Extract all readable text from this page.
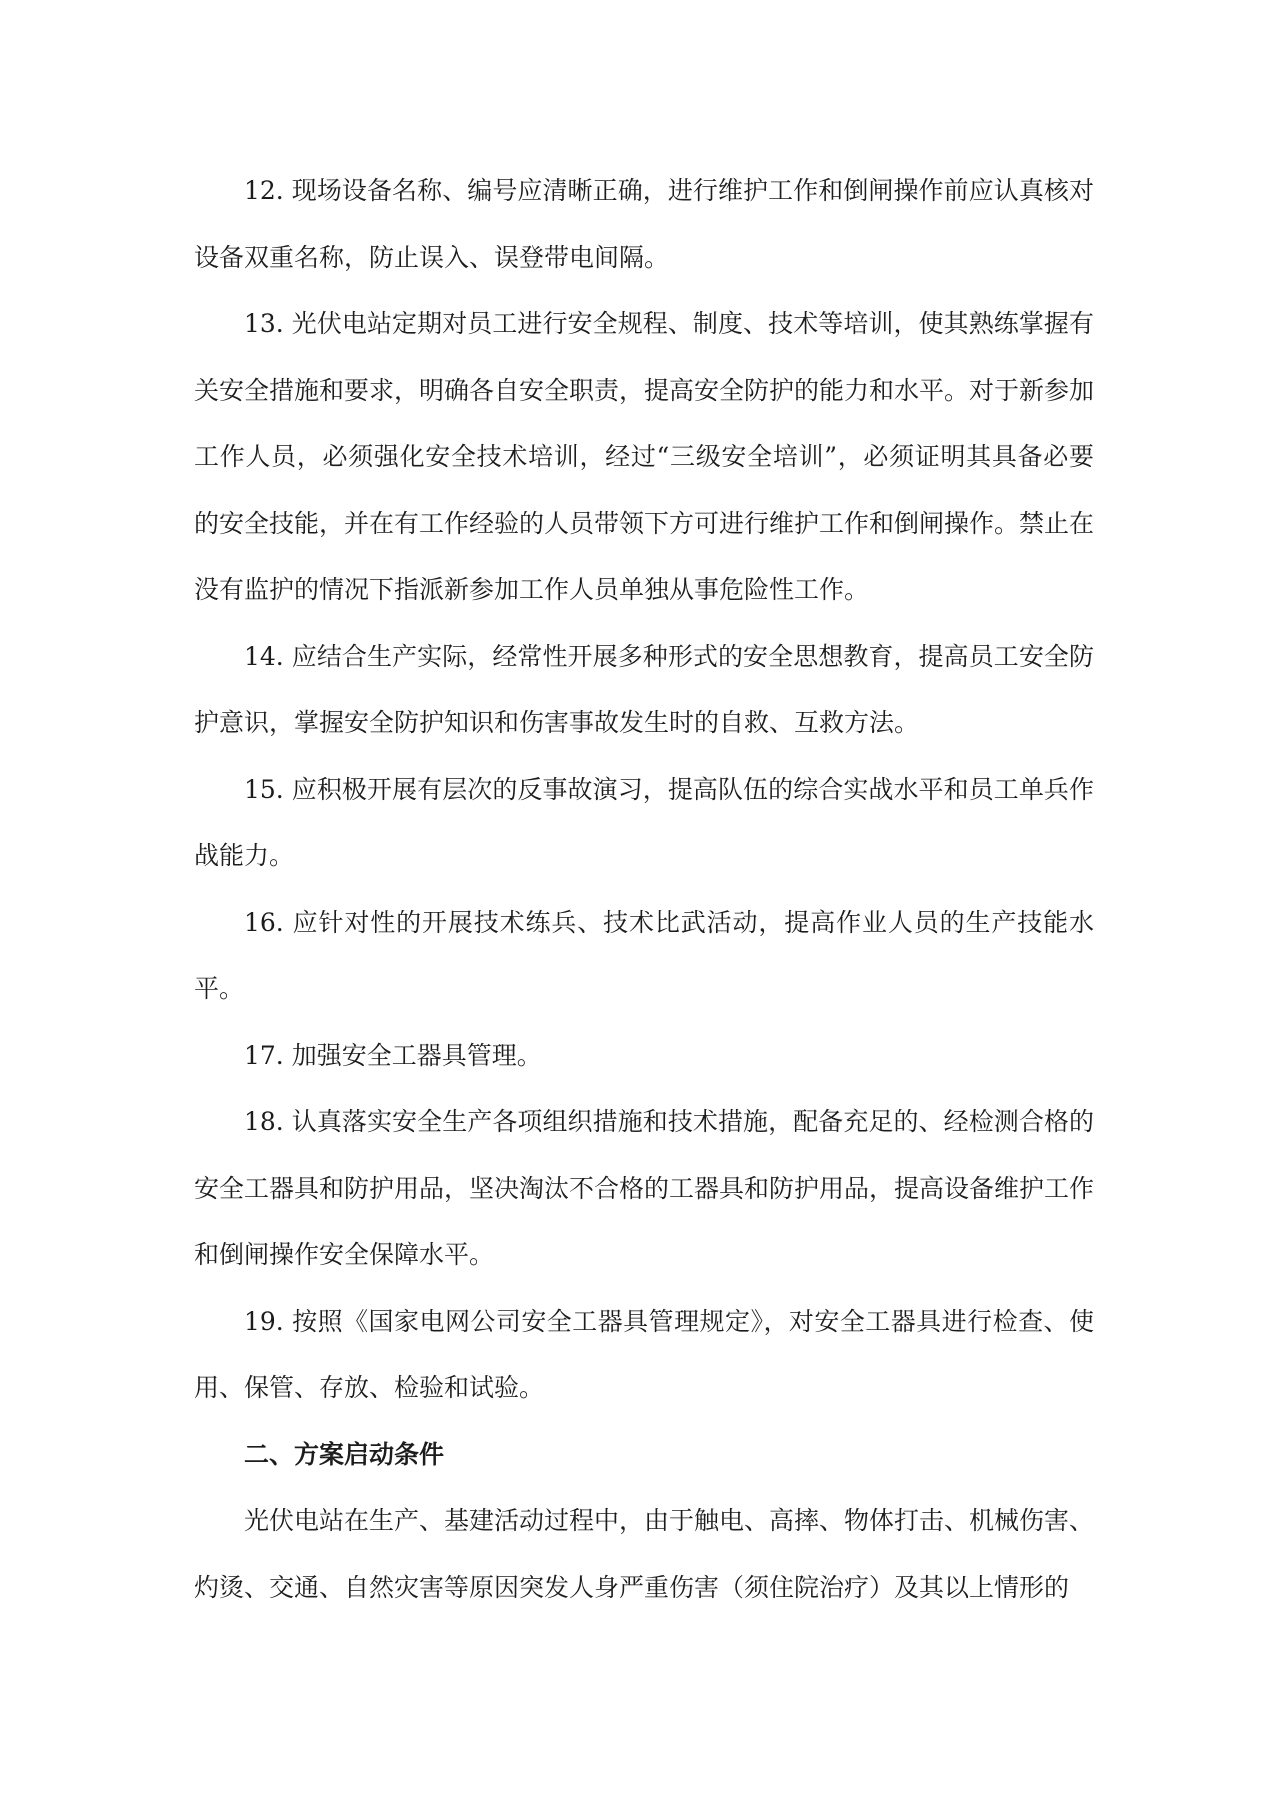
12. 现场设备名称、编号应清晰正确，进行维护工作和倒闸操作前应认真核对设备双重名称，防止误入、误登带电间隔。

13. 光伏电站定期对员工进行安全规程、制度、技术等培训，使其熟练掌握有关安全措施和要求，明确各自安全职责，提高安全防护的能力和水平。对于新参加工作人员，必须强化安全技术培训，经过“三级安全培训”，必须证明其具备必要的安全技能，并在有工作经验的人员带领下方可进行维护工作和倒闸操作。禁止在没有监护的情况下指派新参加工作人员单独从事危险性工作。

14. 应结合生产实际，经常性开展多种形式的安全思想教育，提高员工安全防护意识，掌握安全防护知识和伤害事故发生时的自救、互救方法。

15. 应积极开展有层次的反事故演习，提高队伍的综合实战水平和员工单兵作战能力。

16. 应针对性的开展技术练兵、技术比武活动，提高作业人员的生产技能水平。

17. 加强安全工器具管理。

18. 认真落实安全生产各项组织措施和技术措施，配备充足的、经检测合格的安全工器具和防护用品，坚决淘汰不合格的工器具和防护用品，提高设备维护工作和倒闸操作安全保障水平。

19. 按照《国家电网公司安全工器具管理规定》，对安全工器具进行检查、使用、保管、存放、检验和试验。

二、方案启动条件

光伏电站在生产、基建活动过程中，由于触电、高摔、物体打击、机械伤害、灼烫、交通、自然灾害等原因突发人身严重伤害（须住院治疗）及其以上情形的
